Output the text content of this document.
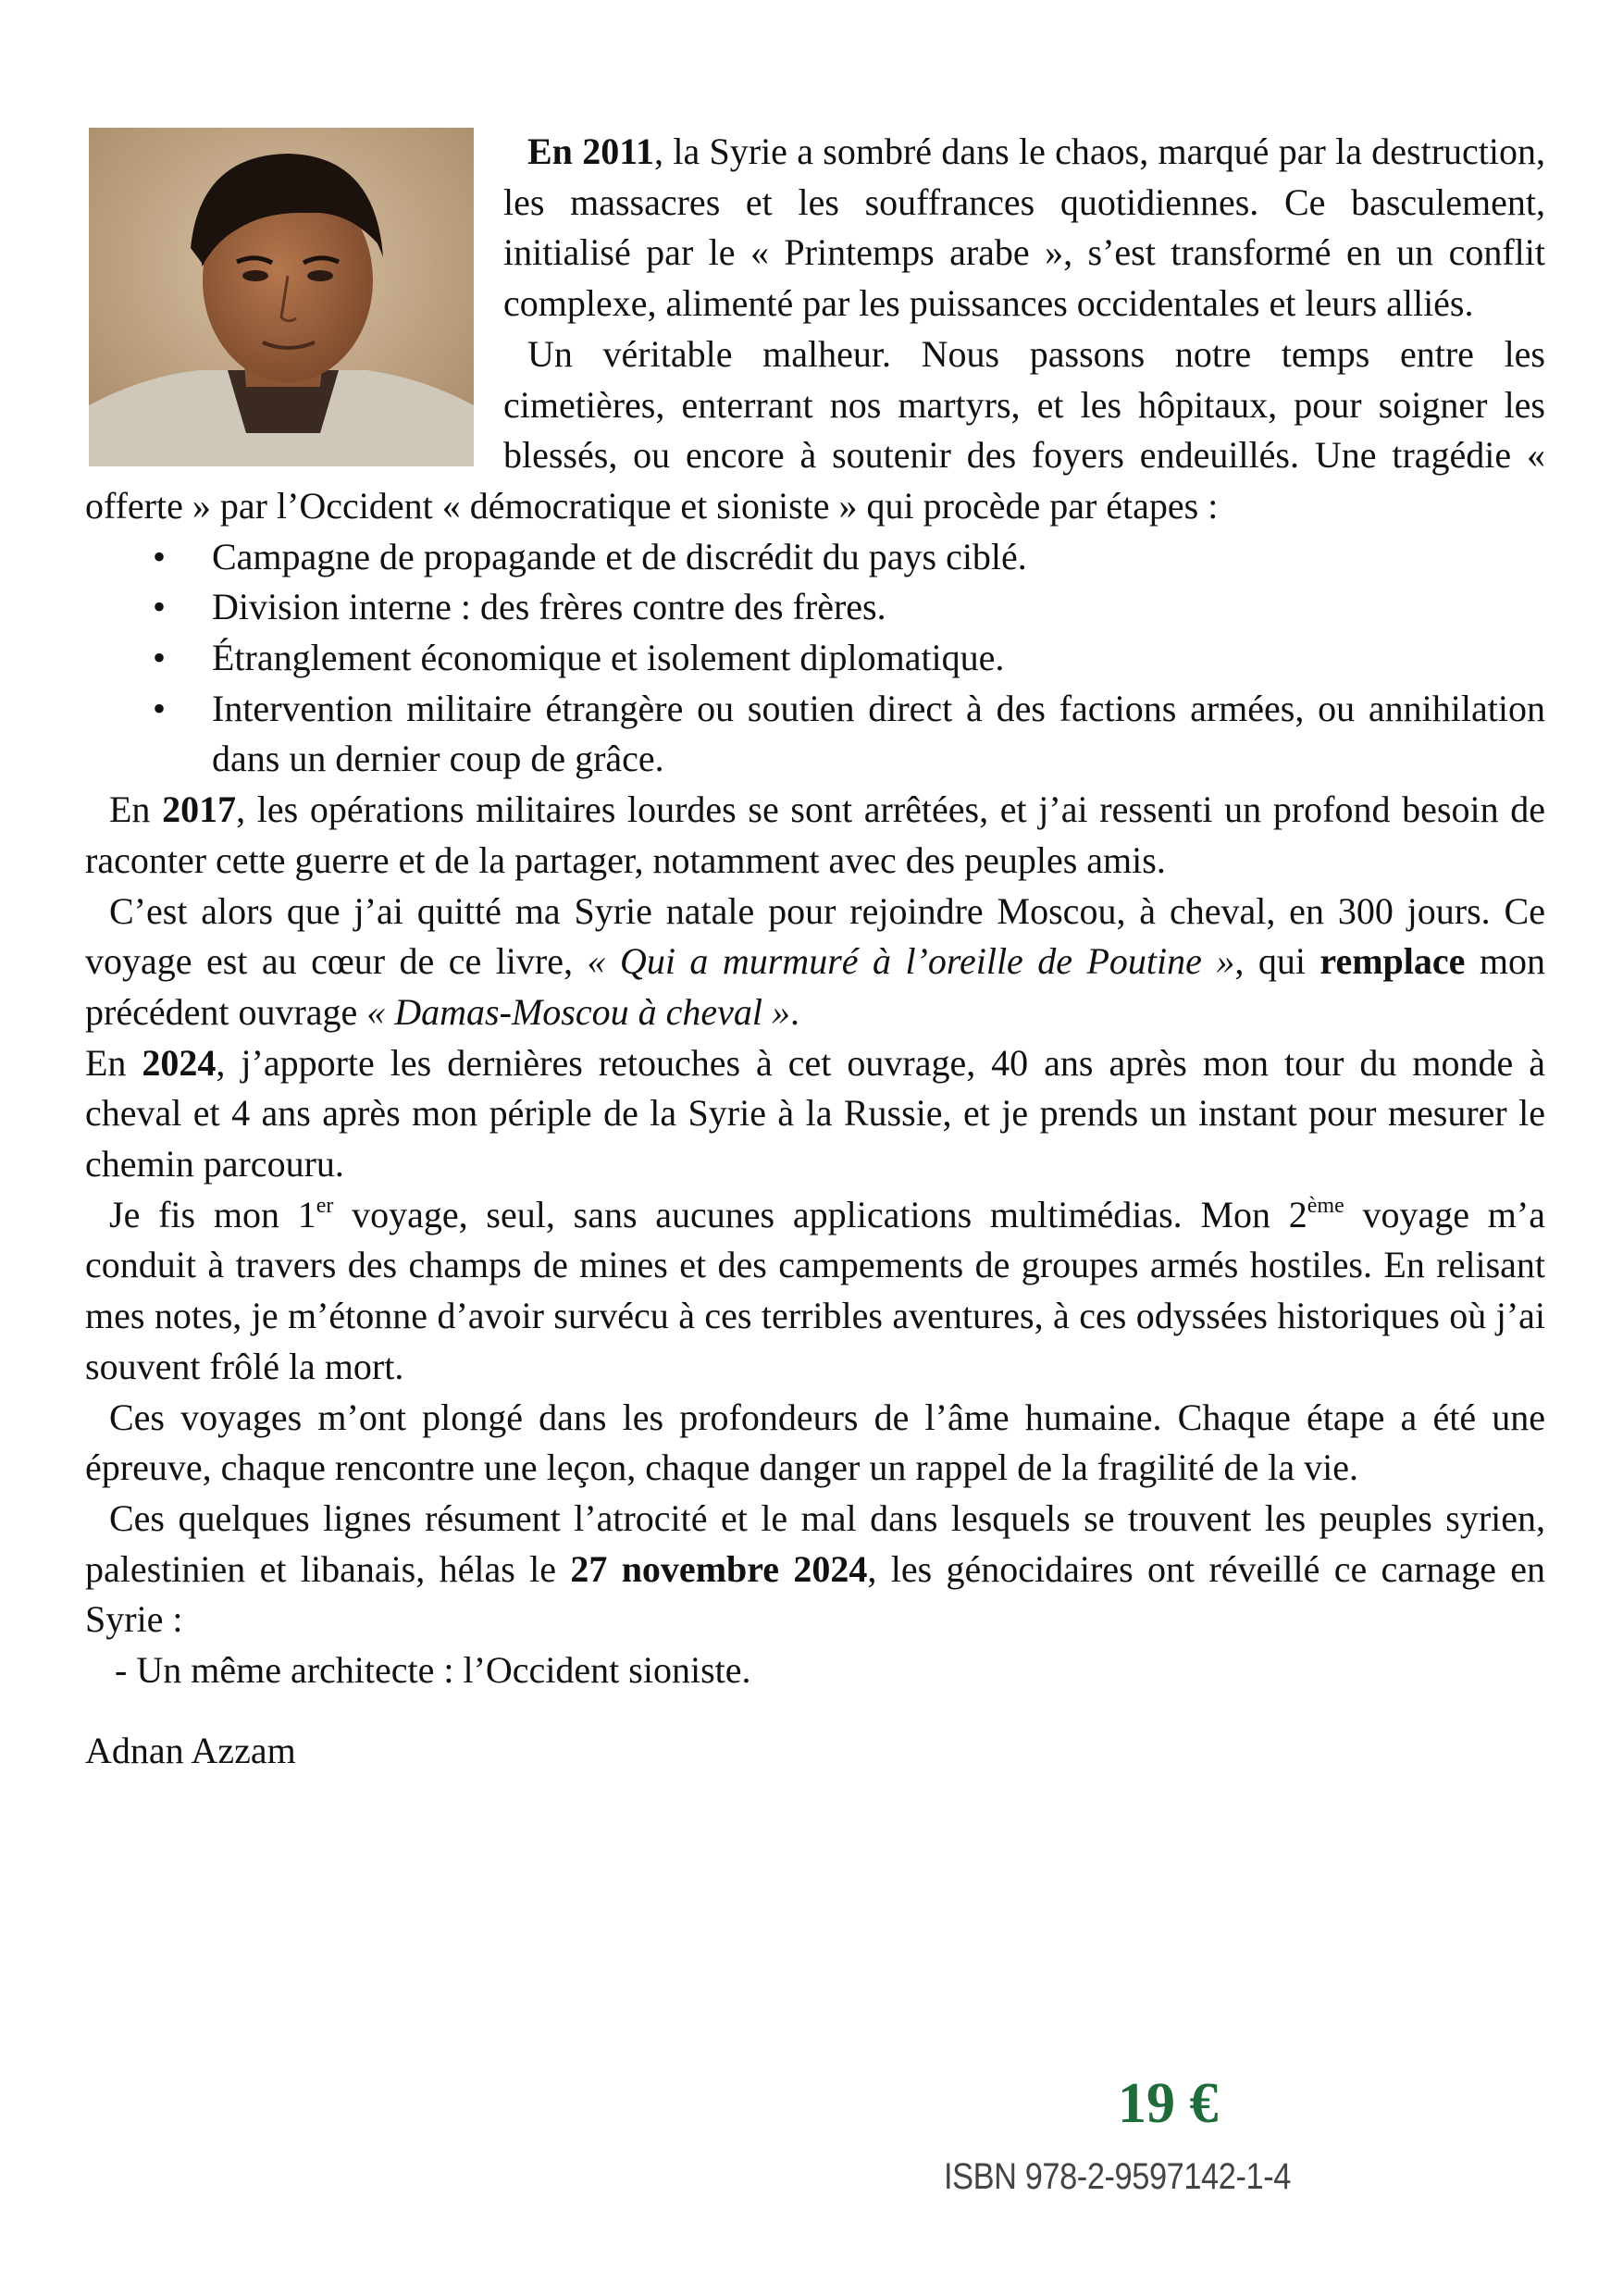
En 2011, la Syrie a sombré dans le chaos, marqué par la destruction, les massacres et les souffrances quotidiennes. Ce basculement, initialisé par le « Printemps arabe », s’est transformé en un conflit complexe, alimenté par les puissances occidentales et leurs alliés.

Un véritable malheur. Nous passons notre temps entre les cimetières, enterrant nos martyrs, et les hôpitaux, pour soigner les blessés, ou encore à soutenir des foyers endeuillés. Une tragédie « offerte » par l’Occident « démocratique et sioniste » qui procède par étapes :

• Campagne de propagande et de discrédit du pays ciblé.
• Division interne : des frères contre des frères.
• Étranglement économique et isolement diplomatique.
• Intervention militaire étrangère ou soutien direct à des factions armées, ou annihilation dans un dernier coup de grâce.

En 2017, les opérations militaires lourdes se sont arrêtées, et j’ai ressenti un profond besoin de raconter cette guerre et de la partager, notamment avec des peuples amis.

C’est alors que j’ai quitté ma Syrie natale pour rejoindre Moscou, à cheval, en 300 jours. Ce voyage est au cœur de ce livre, « Qui a murmuré à l’oreille de Poutine », qui remplace mon précédent ouvrage « Damas-Moscou à cheval ».

En 2024, j’apporte les dernières retouches à cet ouvrage, 40 ans après mon tour du monde à cheval et 4 ans après mon périple de la Syrie à la Russie, et je prends un instant pour mesurer le chemin parcouru.

Je fis mon 1er voyage, seul, sans aucunes applications multimédias. Mon 2ème voyage m’a conduit à travers des champs de mines et des campements de groupes armés hostiles. En relisant mes notes, je m’étonne d’avoir survécu à ces terribles aventures, à ces odyssées historiques où j’ai souvent frôlé la mort.

Ces voyages m’ont plongé dans les profondeurs de l’âme humaine. Chaque étape a été une épreuve, chaque rencontre une leçon, chaque danger un rappel de la fragilité de la vie.

Ces quelques lignes résument l’atrocité et le mal dans lesquels se trouvent les peuples syrien, palestinien et libanais, hélas le 27 novembre 2024, les génocidaires ont réveillé ce carnage en Syrie :

- Un même architecte : l’Occident sioniste.

Adnan Azzam

19 €
ISBN 978-2-9597142-1-4
